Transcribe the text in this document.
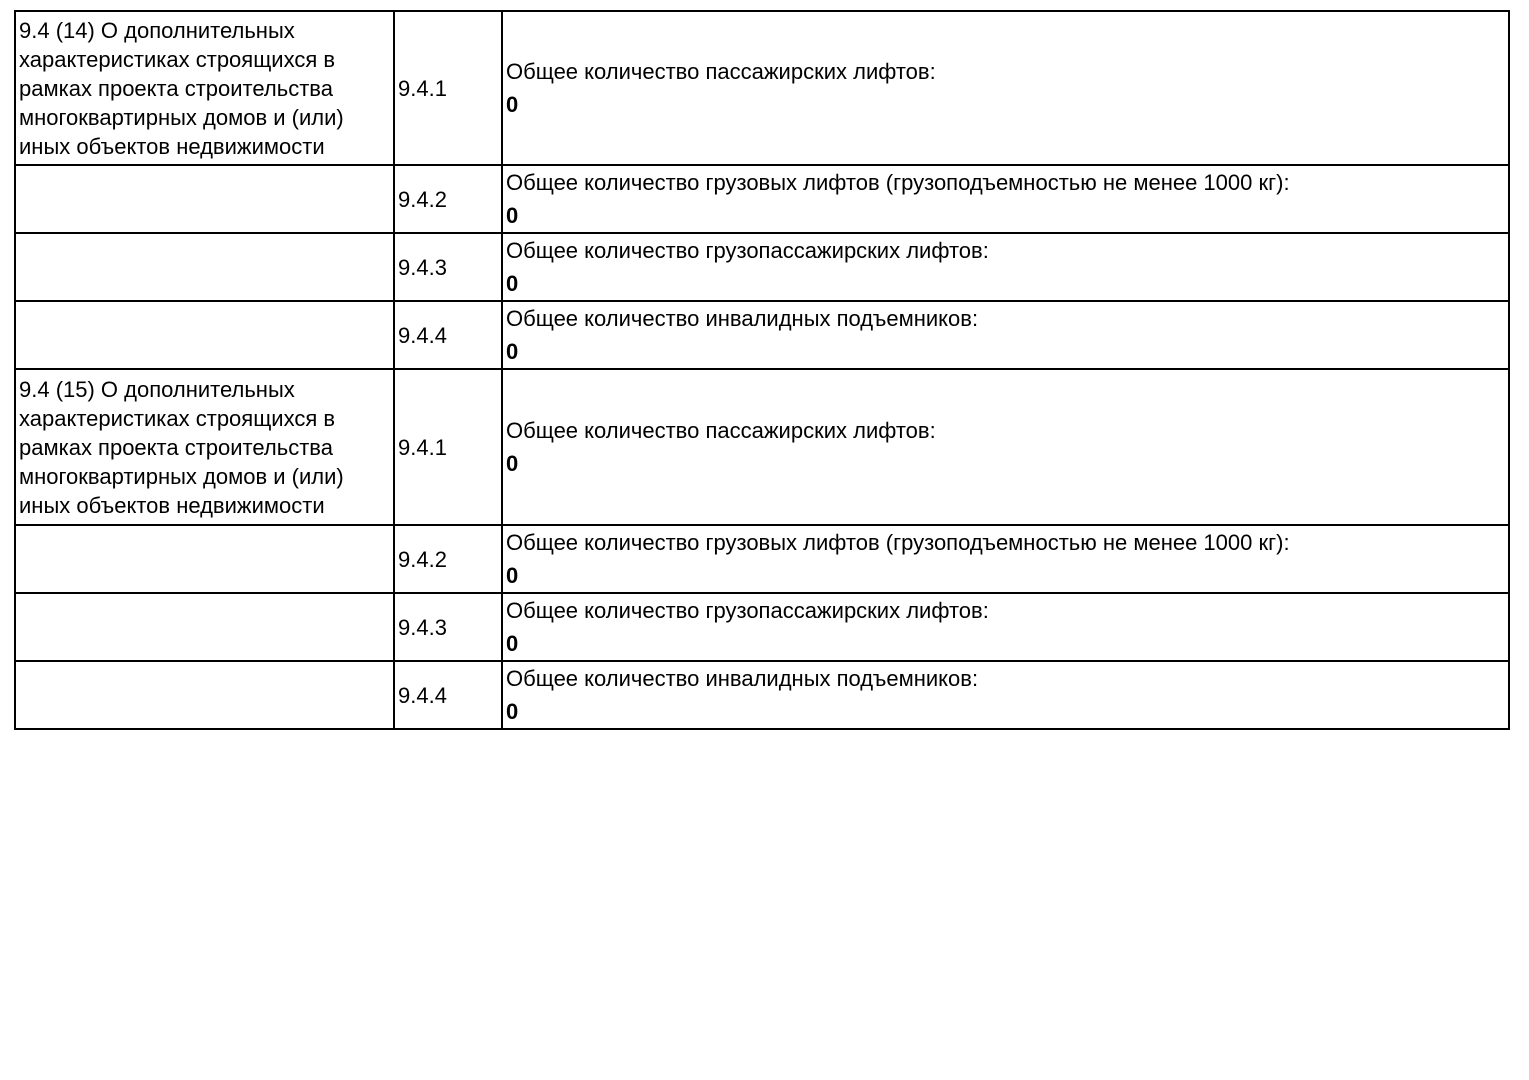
9.4 (14) О дополнительных характеристиках строящихся в рамках проекта строительства многоквартирных домов и (или) иных объектов недвижимости	9.4.1	Общее количество пассажирских лифтов:
0

	9.4.2	Общее количество грузовых лифтов (грузоподъемностью не менее 1000 кг):
0

	9.4.3	Общее количество грузопассажирских лифтов:
0

	9.4.4	Общее количество инвалидных подъемников:
0

9.4 (15) О дополнительных характеристиках строящихся в рамках проекта строительства многоквартирных домов и (или) иных объектов недвижимости	9.4.1	Общее количество пассажирских лифтов:
0

	9.4.2	Общее количество грузовых лифтов (грузоподъемностью не менее 1000 кг):
0

	9.4.3	Общее количество грузопассажирских лифтов:
0

	9.4.4	Общее количество инвалидных подъемников:
0
